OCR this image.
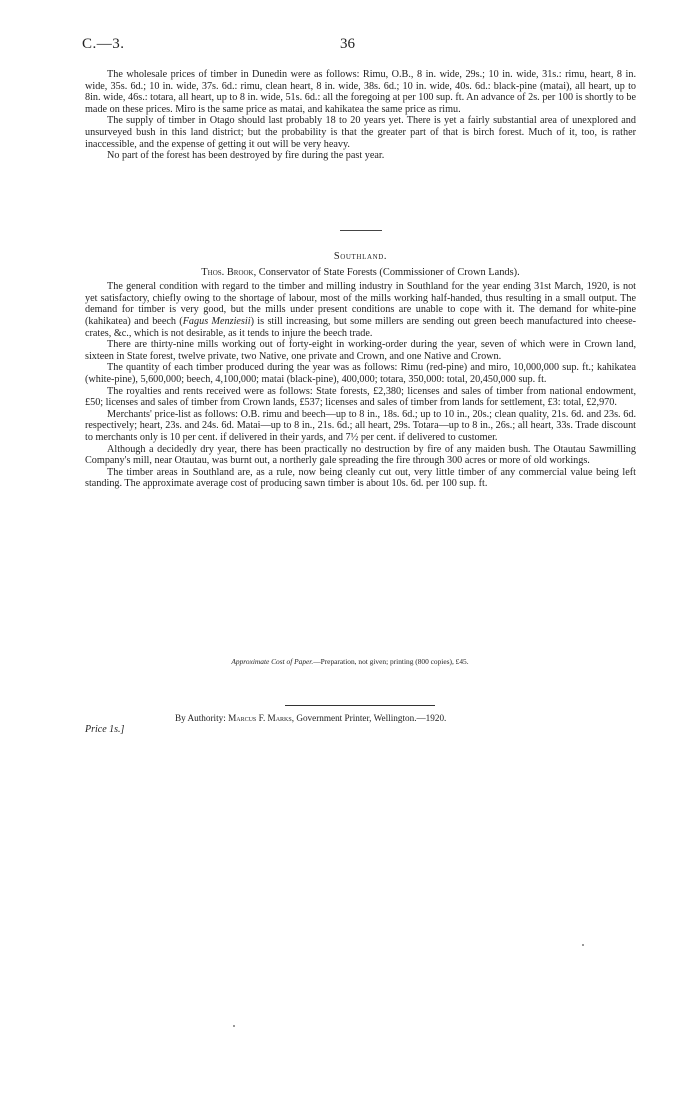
C.—3.	36

The wholesale prices of timber in Dunedin were as follows: Rimu, O.B., 8 in. wide, 29s.; 10 in. wide, 31s.: rimu, heart, 8 in. wide, 35s. 6d.; 10 in. wide, 37s. 6d.: rimu, clean heart, 8 in. wide, 38s. 6d.; 10 in. wide, 40s. 6d.: black-pine (matai), all heart, up to 8in. wide, 46s.: totara, all heart, up to 8 in. wide, 51s. 6d.: all the foregoing at per 100 sup. ft. An advance of 2s. per 100 is shortly to be made on these prices. Miro is the same price as matai, and kahikatea the same price as rimu.

The supply of timber in Otago should last probably 18 to 20 years yet. There is yet a fairly substantial area of unexplored and unsurveyed bush in this land district; but the probability is that the greater part of that is birch forest. Much of it, too, is rather inaccessible, and the expense of getting it out will be very heavy.

No part of the forest has been destroyed by fire during the past year.

Southland.
Thos. Brook, Conservator of State Forests (Commissioner of Crown Lands).

The general condition with regard to the timber and milling industry in Southland for the year ending 31st March, 1920, is not yet satisfactory, chiefly owing to the shortage of labour, most of the mills working half-handed, thus resulting in a small output. The demand for timber is very good, but the mills under present conditions are unable to cope with it. The demand for white-pine (kahikatea) and beech (Fagus Menziesii) is still increasing, but some millers are sending out green beech manufactured into cheese-crates, &c., which is not desirable, as it tends to injure the beech trade.

There are thirty-nine mills working out of forty-eight in working-order during the year, seven of which were in Crown land, sixteen in State forest, twelve private, two Native, one private and Crown, and one Native and Crown.

The quantity of each timber produced during the year was as follows: Rimu (red-pine) and miro, 10,000,000 sup. ft.; kahikatea (white-pine), 5,600,000; beech, 4,100,000; matai (black-pine), 400,000; totara, 350,000: total, 20,450,000 sup. ft.

The royalties and rents received were as follows: State forests, £2,380; licenses and sales of timber from national endowment, £50; licenses and sales of timber from Crown lands, £537; licenses and sales of timber from lands for settlement, £3: total, £2,970.

Merchants' price-list as follows: O.B. rimu and beech—up to 8 in., 18s. 6d.; up to 10 in., 20s.; clean quality, 21s. 6d. and 23s. 6d. respectively; heart, 23s. and 24s. 6d. Matai—up to 8 in., 21s. 6d.; all heart, 29s. Totara—up to 8 in., 26s.; all heart, 33s. Trade discount to merchants only is 10 per cent. if delivered in their yards, and 7½ per cent. if delivered to customer.

Although a decidedly dry year, there has been practically no destruction by fire of any maiden bush. The Otautau Sawmilling Company's mill, near Otautau, was burnt out, a northerly gale spreading the fire through 300 acres or more of old workings.

The timber areas in Southland are, as a rule, now being cleanly cut out, very little timber of any commercial value being left standing. The approximate average cost of producing sawn timber is about 10s. 6d. per 100 sup. ft.

Approximate Cost of Paper.—Preparation, not given; printing (800 copies), £45.
By Authority: Marcus F. Marks, Government Printer, Wellington.—1920.
Price 1s.]
